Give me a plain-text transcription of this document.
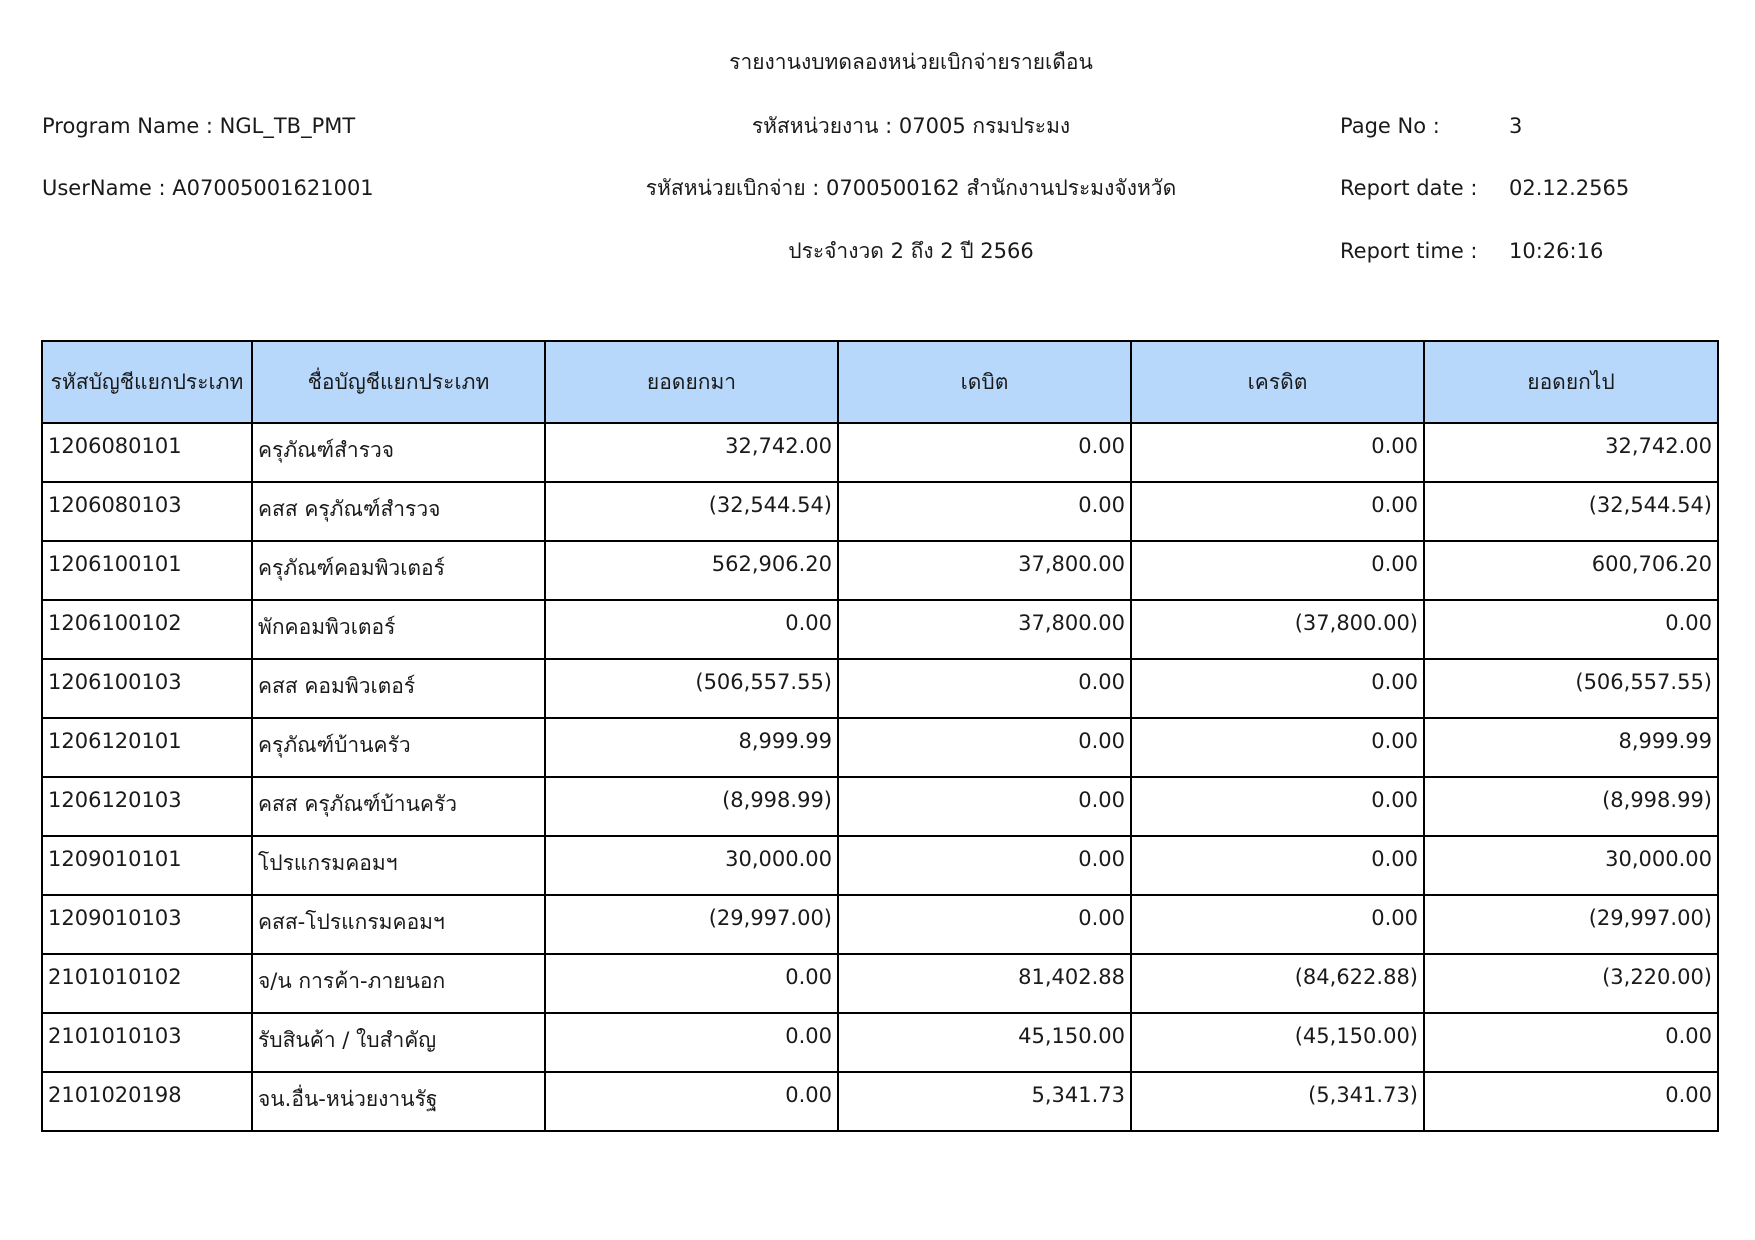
รายงานงบทดลองหน่วยเบิกจ่ายรายเดือน
Program Name : NGL_TB_PMT	รหัสหน่วยงาน : 07005 กรมประมง	Page No :	3
UserName : A07005001621001	รหัสหน่วยเบิกจ่าย : 0700500162 สำนักงานประมงจังหวัด	Report date : 02.12.2565
ประจำงวด 2 ถึง 2 ปี 2566	Report time : 10:26:16
รหัสบัญชีแยกประเภท	ชื่อบัญชีแยกประเภท	ยอดยกมา	เดบิต	เครดิต	ยอดยกไป
1206080101	ครุภัณฑ์สำรวจ	32,742.00	0.00	0.00	32,742.00
1206080103	คสส ครุภัณฑ์สำรวจ	(32,544.54)	0.00	0.00	(32,544.54)
1206100101	ครุภัณฑ์คอมพิวเตอร์	562,906.20	37,800.00	0.00	600,706.20
1206100102	พักคอมพิวเตอร์	0.00	37,800.00	(37,800.00)	0.00
1206100103	คสส คอมพิวเตอร์	(506,557.55)	0.00	0.00	(506,557.55)
1206120101	ครุภัณฑ์บ้านครัว	8,999.99	0.00	0.00	8,999.99
1206120103	คสส ครุภัณฑ์บ้านครัว	(8,998.99)	0.00	0.00	(8,998.99)
1209010101	โปรแกรมคอมฯ	30,000.00	0.00	0.00	30,000.00
1209010103	คสส-โปรแกรมคอมฯ	(29,997.00)	0.00	0.00	(29,997.00)
2101010102	จ/น การค้า-ภายนอก	0.00	81,402.88	(84,622.88)	(3,220.00)
2101010103	รับสินค้า / ใบสำคัญ	0.00	45,150.00	(45,150.00)	0.00
2101020198	จน.อื่น-หน่วยงานรัฐ	0.00	5,341.73	(5,341.73)	0.00
